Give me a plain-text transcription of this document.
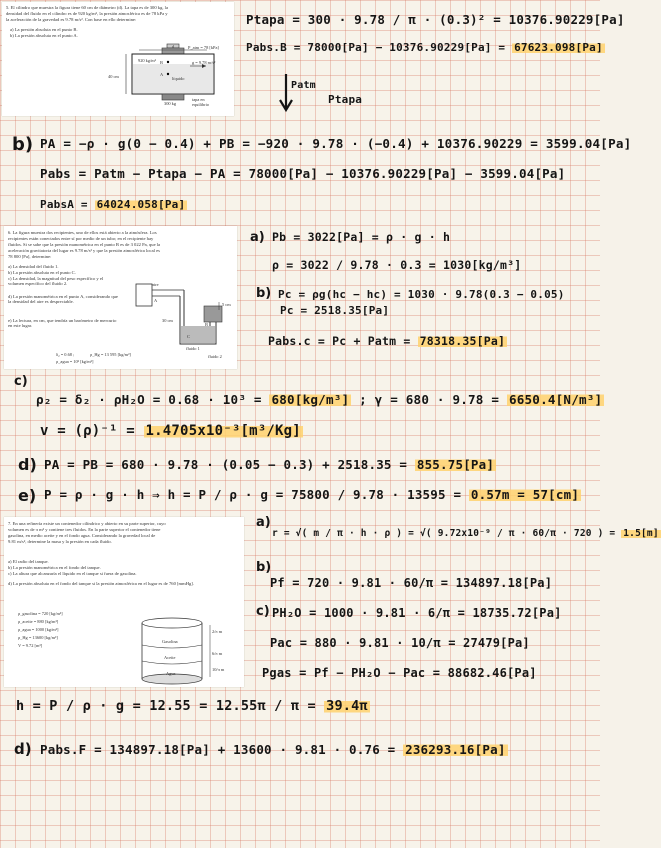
5. El cilindro que muestra la figura tiene 60 cm de diámetro (d). La tapa es de 300 kg, la
densidad del fluido en el cilindro es de 920 kg/m³, la presión atmosférica es de 78 kPa y
la aceleración de la gravedad es 9.78 m/s². Con base en ello determine:
a) La presión absoluta en el punto B.
b) La presión absoluta en el punto A.
d	P_atm = 78 [kPa]
920 kg/m³	g = 9.78 m/s²
A
B
líquido
40 cm
300 kg
tapa en equilibrio
Ptapa = 300 · 9.78 / π · (0.3)² = 10376.90229[Pa]
Pabs.B = 78000[Pa] − 10376.90229[Pa] = 67623.098[Pa]
Patm
Ptapa
b) PA = −ρ · g(0 − 0.4) + PB = −920 · 9.78 · (−0.4) + 10376.90229 = 3599.04[Pa]
Pabs = Patm − Ptapa − PA = 78000[Pa] − 10376.90229[Pa] − 3599.04[Pa]
PabsA = 64024.058[Pa]
6. La figura muestra dos recipientes, uno de ellos está abierto a la atmósfera. Los
recipientes están conectados entre sí por medio de un tubo; en el recipiente hay
fluidos. Si se sabe que la presión manométrica en el punto B es de 3 022 Pa, que la
aceleración gravitatoria del lugar es 9.78 m/s² y que la presión atmosférica local es
78 800 [Pa], determine:
a) La densidad del fluido 1.
b) La presión absoluta en el punto C.
c) La densidad, la magnitud del peso específico y el volumen específico del fluido 2.
d) La presión manométrica en el punto A, considerando que la densidad del aire es despreciable.
e) La lectura, en cm, que tendría un barómetro de mercurio en este lugar.
δ₂ = 0.68 ;	ρ_Hg = 13 595 [kg/m³]
ρ_agua = 10³ [kg/m³]
aire
A
B
C
5 cm
30 cm
fluido 1
fluido 2
a) Pb = 3022[Pa] = ρ · g · h
ρ = 3022 / 9.78 · 0.3 = 1030[kg/m³]
b) Pc = ρg(hc − hc) = 1030 · 9.78(0.3 − 0.05)
Pc = 2518.35[Pa]
Pabs.c = Pc + Patm = 78318.35[Pa]
c)
ρ₂ = δ₂ · ρH₂O = 0.68 · 10³ = 680[kg/m³] ; γ = 680 · 9.78 = 6650.4[N/m³]
v = (ρ)⁻¹ = 1.4705x10⁻³[m³/Kg]
d) PA = PB = 680 · 9.78 · (0.05 − 0.3) + 2518.35 = 855.75[Pa]
e) P = ρ · g · h ⇒ h = P / ρ · g = 75800 / 9.78 · 13595 = 0.57m = 57[cm]
7. En una refinería existe un contenedor cilíndrico y abierto en su parte superior, cuyo
volumen es de π m³ y contiene tres fluidos. En la parte superior el contenedor tiene
gasolina, en medio aceite y en el fondo agua. Considerando la gravedad local de
9.81 m/s², determine la masa y la presión en cada fluido.
a) El radio del tanque.
b) La presión manométrica en el fondo del tanque.
c) La altura que alcanzaría el líquido en el tanque si fuera de gasolina.
d) La presión absoluta en el fondo del tanque si la presión atmosférica en el lugar es de 760 [mmHg].
ρ_gasolina = 720 [kg/m³]
ρ_aceite = 880 [kg/m³]
ρ_agua = 1000 [kg/m³]
ρ_Hg = 13600 [kg/m³]
V = 9.72 [m³]
Gasolina
Aceite
Agua
2/π m
6/π m
10/π m
a)
r = √( m / π · h · ρ ) = √( 9.72x10⁻⁹ / π · 60/π · 720 ) = 1.5[m]
b)
Pf = 720 · 9.81 · 60/π = 134897.18[Pa]
c) PH₂O = 1000 · 9.81 · 6/π = 18735.72[Pa]
Pac = 880 · 9.81 · 10/π = 27479[Pa]
Pgas = Pf − PH₂O − Pac = 88682.46[Pa]
h = P / ρ · g = 12.55 = 12.55π / π = 39.4π
d) Pabs.F = 134897.18[Pa] + 13600 · 9.81 · 0.76 = 236293.16[Pa]
